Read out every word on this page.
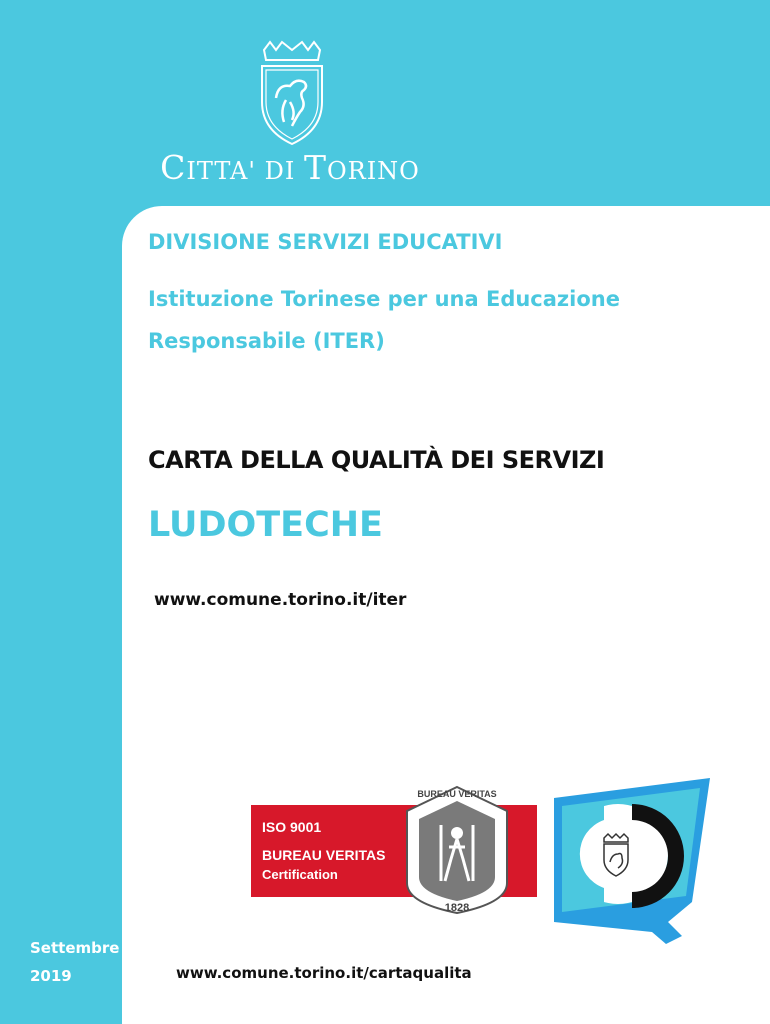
CITTA' DI TORINO
DIVISIONE SERVIZI EDUCATIVI
Istituzione Torinese per una Educazione
Responsabile (ITER)
CARTA DELLA QUALITÀ DEI SERVIZI
LUDOTECHE
www.comune.torino.it/iter
ISO 9001
BUREAU VERITAS
Certification
BUREAU VERITAS
1828
Settembre
2019	www.comune.torino.it/cartaqualita
